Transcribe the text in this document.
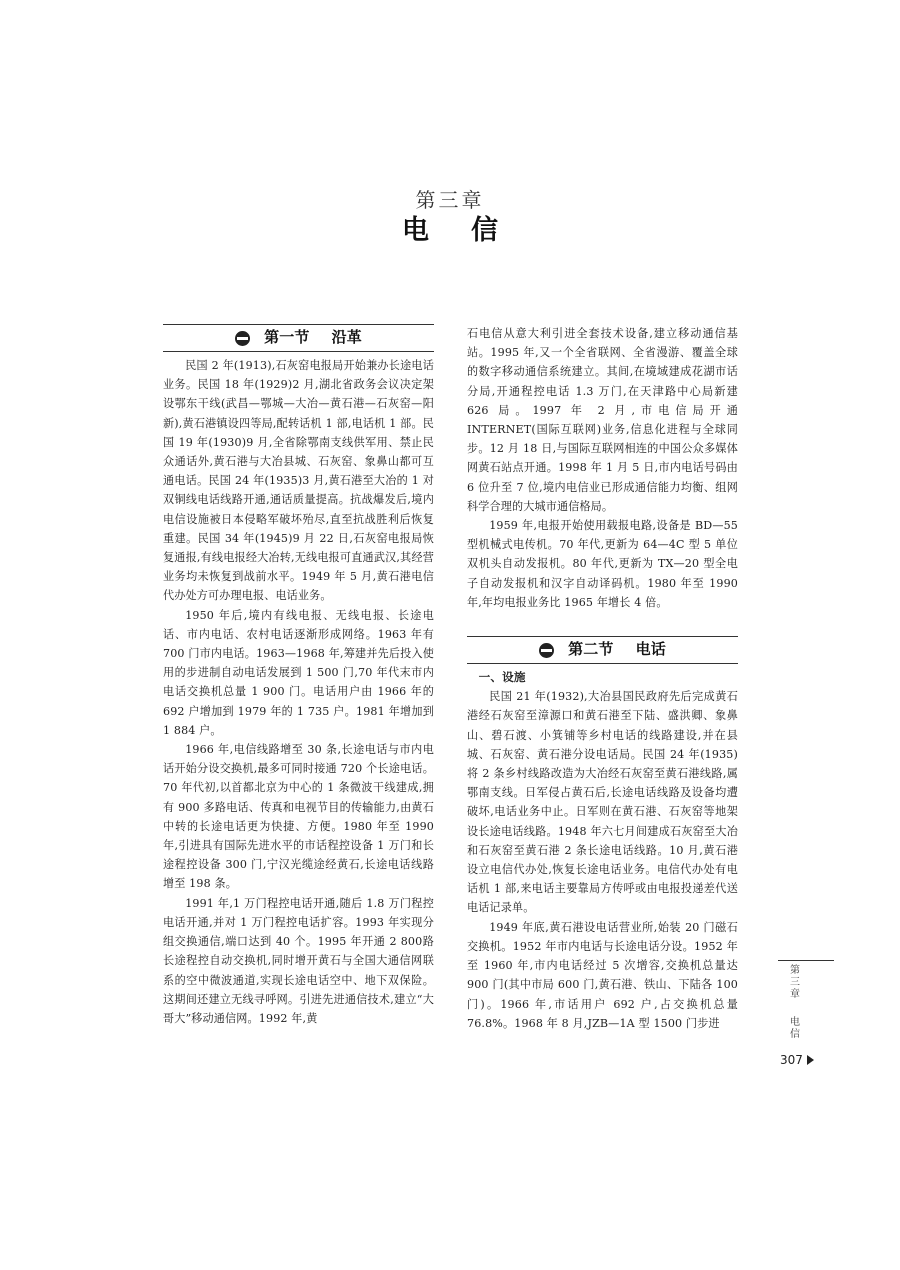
第三章
电 信
第一节 沿革

民国 2 年(1913),石灰窑电报局开始兼办长途电话业务。民国 18 年(1929)2 月,湖北省政务会议决定架设鄂东干线(武昌—鄂城—大冶—黄石港—石灰窑—阳新),黄石港镇设四等局,配转话机 1 部,电话机 1 部。民国 19 年(1930)9 月,全省除鄂南支线供军用、禁止民众通话外,黄石港与大冶县城、石灰窑、象鼻山都可互通电话。民国 24 年(1935)3 月,黄石港至大冶的 1 对双铜线电话线路开通,通话质量提高。抗战爆发后,境内电信设施被日本侵略军破坏殆尽,直至抗战胜利后恢复重建。民国 34 年(1945)9 月 22 日,石灰窑电报局恢复通报,有线电报经大冶转,无线电报可直通武汉,其经营业务均未恢复到战前水平。1949 年 5 月,黄石港电信代办处方可办理电报、电话业务。

1950 年后,境内有线电报、无线电报、长途电话、市内电话、农村电话逐渐形成网络。1963 年有 700 门市内电话。1963—1968 年,筹建并先后投入使用的步进制自动电话发展到 1 500 门,70 年代末市内电话交换机总量 1 900 门。电话用户由 1966 年的 692 户增加到 1979 年的 1 735 户。1981 年增加到 1 884 户。

1966 年,电信线路增至 30 条,长途电话与市内电话开始分设交换机,最多可同时接通 720 个长途电话。70 年代初,以首都北京为中心的 1 条微波干线建成,拥有 900 多路电话、传真和电视节目的传输能力,由黄石中转的长途电话更为快捷、方便。1980 年至 1990 年,引进具有国际先进水平的市话程控设备 1 万门和长途程控设备 300 门,宁汉光缆途经黄石,长途电话线路增至 198 条。

1991 年,1 万门程控电话开通,随后 1.8 万门程控电话开通,并对 1 万门程控电话扩容。1993 年实现分组交换通信,端口达到 40 个。1995 年开通 2 800路长途程控自动交换机,同时增开黄石与全国大通信网联系的空中微波通道,实现长途电话空中、地下双保险。这期间还建立无线寻呼网。引进先进通信技术,建立“大哥大”移动通信网。1992 年,黄

石电信从意大利引进全套技术设备,建立移动通信基站。1995 年,又一个全省联网、全省漫游、覆盖全球的数字移动通信系统建立。其间,在境域建成花湖市话分局,开通程控电话 1.3 万门,在天津路中心局新建 626 局。1997 年 2 月,市电信局开通 INTERNET(国际互联网)业务,信息化进程与全球同步。12 月 18 日,与国际互联网相连的中国公众多媒体网黄石站点开通。1998 年 1 月 5 日,市内电话号码由 6 位升至 7 位,境内电信业已形成通信能力均衡、组网科学合理的大城市通信格局。

1959 年,电报开始使用载报电路,设备是 BD—55 型机械式电传机。70 年代,更新为 64—4C 型 5 单位双机头自动发报机。80 年代,更新为 TX—20 型全电子自动发报机和汉字自动译码机。1980 年至 1990 年,年均电报业务比 1965 年增长 4 倍。

第二节 电话

一、设施

民国 21 年(1932),大冶县国民政府先后完成黄石港经石灰窑至漳源口和黄石港至下陆、盛洪卿、象鼻山、碧石渡、小箕铺等乡村电话的线路建设,并在县城、石灰窑、黄石港分设电话局。民国 24 年(1935)将 2 条乡村线路改造为大冶经石灰窑至黄石港线路,属鄂南支线。日军侵占黄石后,长途电话线路及设备均遭破坏,电话业务中止。日军则在黄石港、石灰窑等地架设长途电话线路。1948 年六七月间建成石灰窑至大冶和石灰窑至黄石港 2 条长途电话线路。10 月,黄石港设立电信代办处,恢复长途电话业务。电信代办处有电话机 1 部,来电话主要靠局方传呼或由电报投递差代送电话记录单。

1949 年底,黄石港设电话营业所,始装 20 门磁石交换机。1952 年市内电话与长途电话分设。1952 年至 1960 年,市内电话经过 5 次增容,交换机总量达 900 门(其中市局 600 门,黄石港、铁山、下陆各 100 门)。1966 年,市话用户 692 户,占交换机总量 76.8%。1968 年 8 月,JZB—1A 型 1500 门步进

第三章
电信
307
